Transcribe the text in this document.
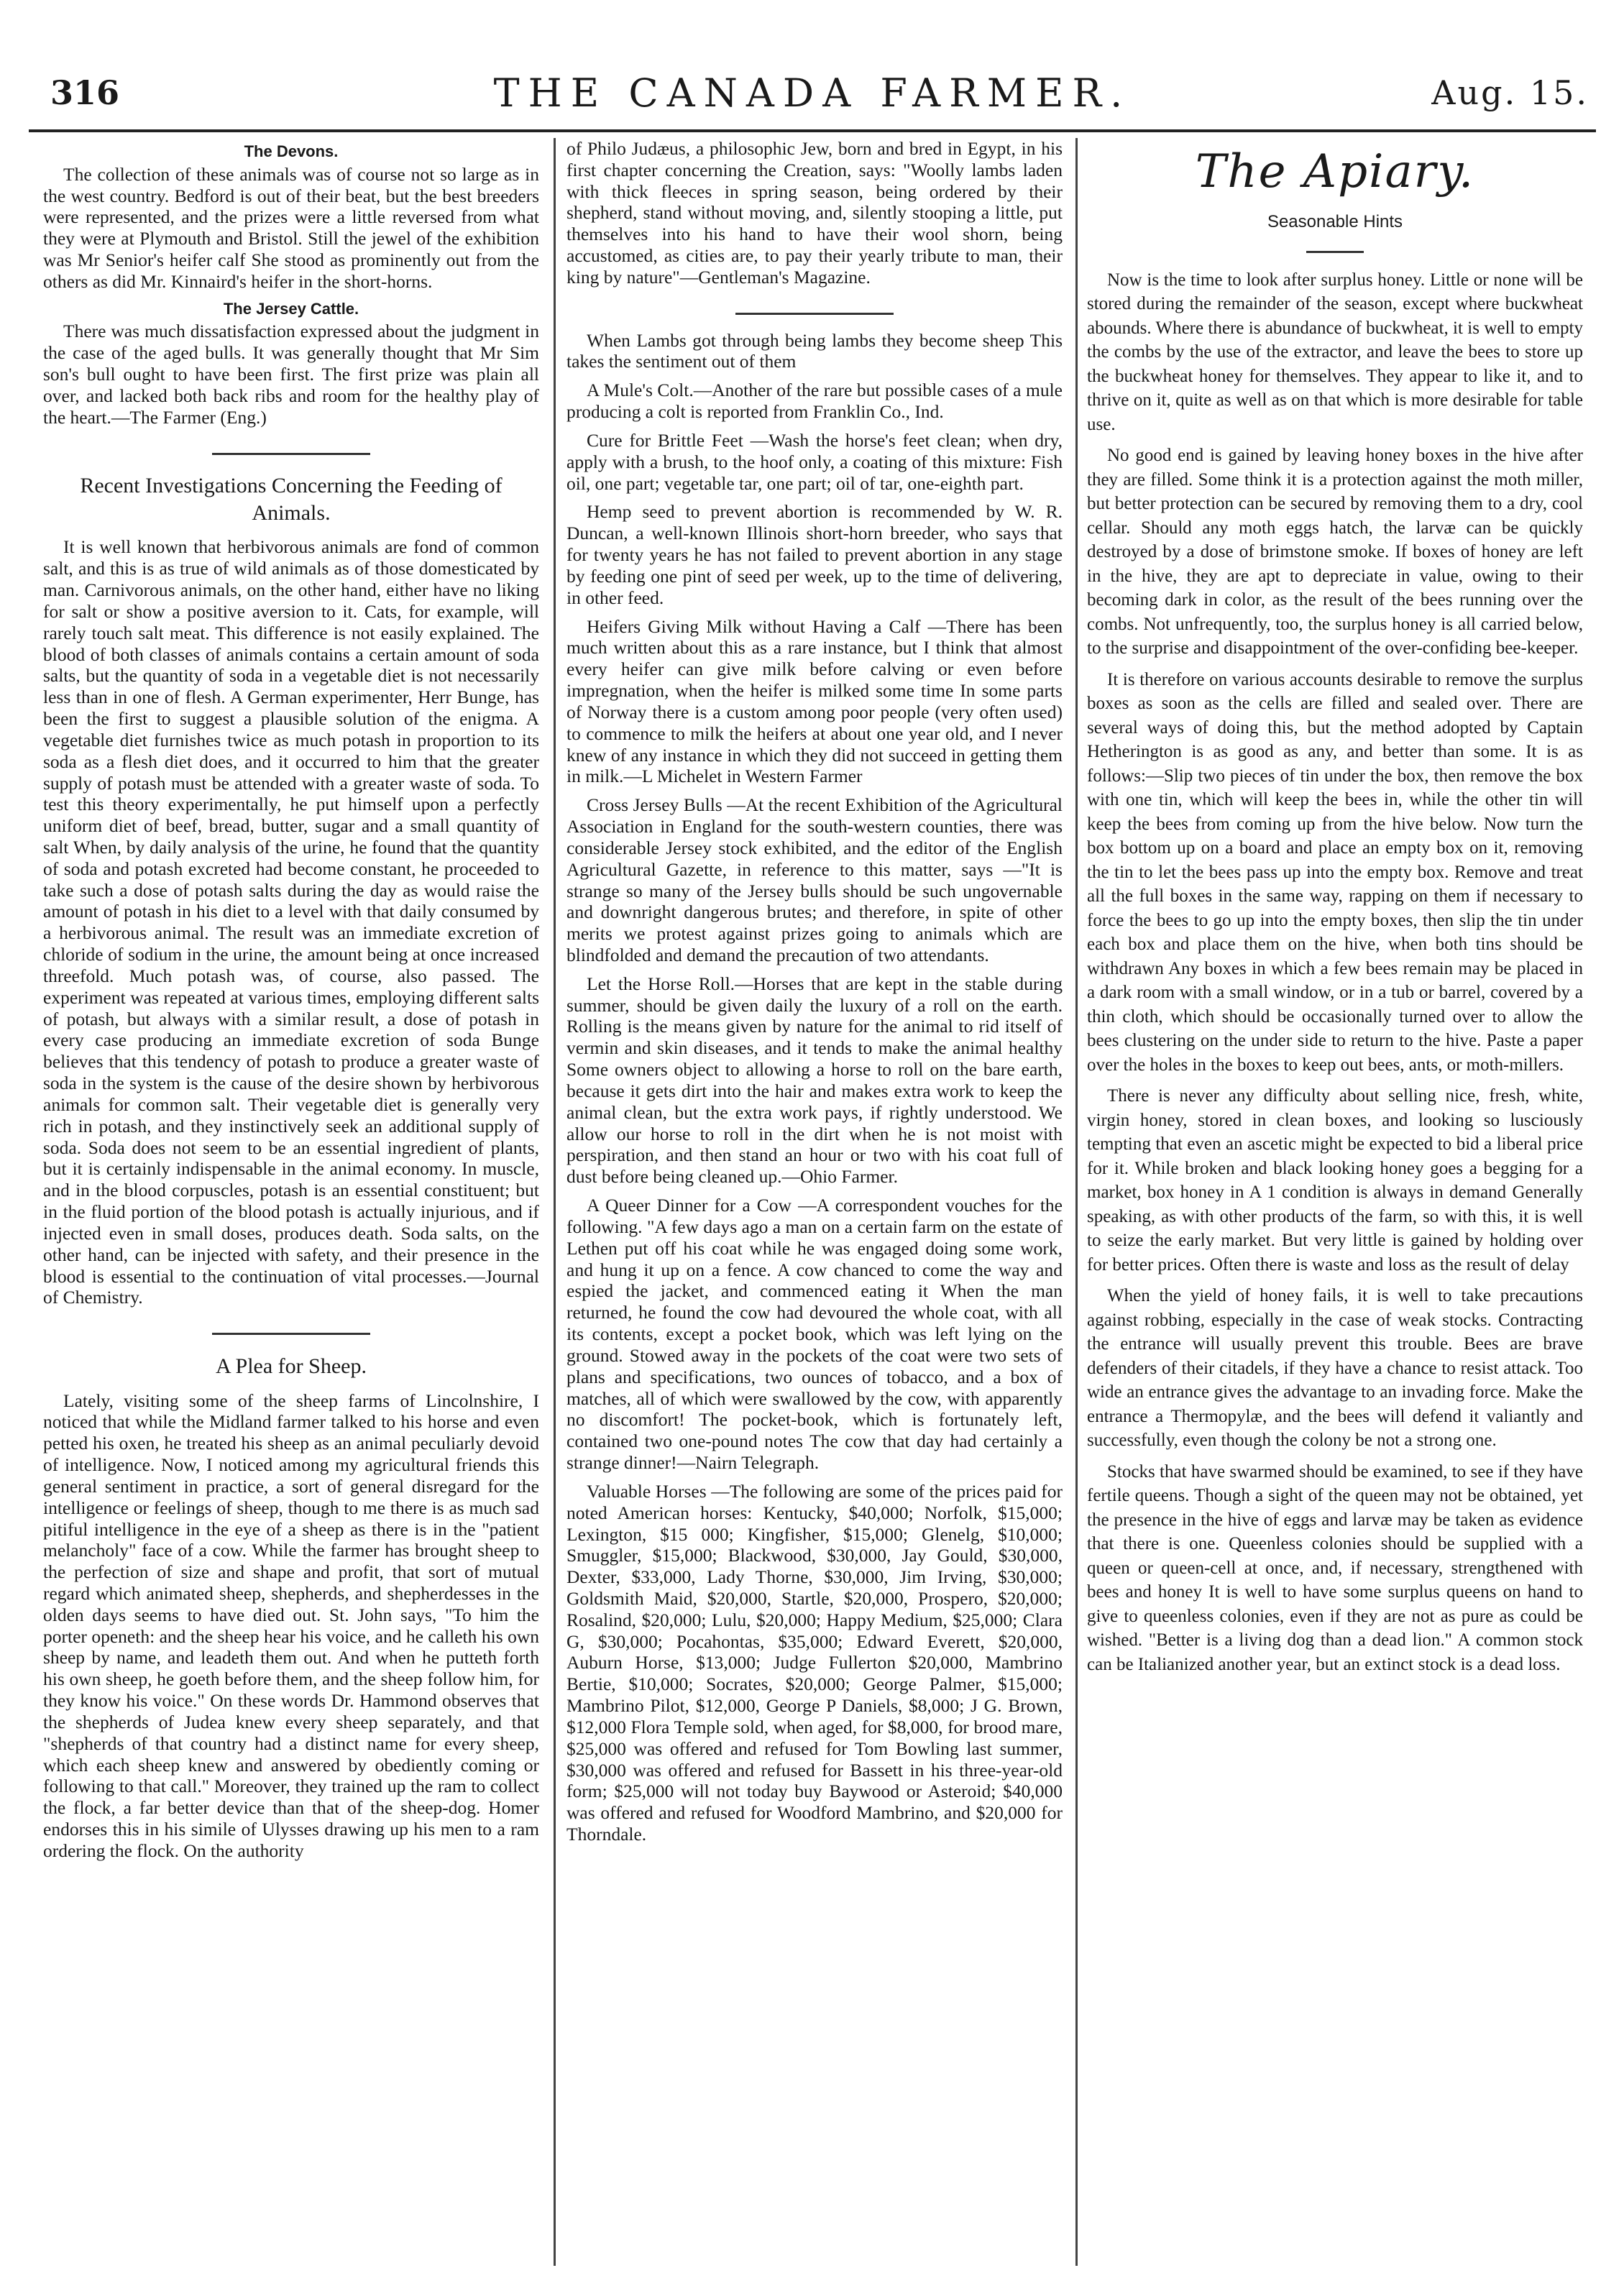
316	THE CANADA FARMER.	Aug. 15.
The Devons.

The collection of these animals was of course not so large as in the west country. Bedford is out of their beat, but the best breeders were represented, and the prizes were a little reversed from what they were at Plymouth and Bristol. Still the jewel of the exhibition was Mr Senior's heifer calf She stood as prominently out from the others as did Mr. Kinnaird's heifer in the short-horns.

The Jersey Cattle.

There was much dissatisfaction expressed about the judgment in the case of the aged bulls. It was generally thought that Mr Sim son's bull ought to have been first. The first prize was plain all over, and lacked both back ribs and room for the healthy play of the heart.—The Farmer (Eng.)

Recent Investigations Concerning the Feeding of Animals.

It is well known that herbivorous animals are fond of common salt, and this is as true of wild animals as of those domesticated by man. Carnivorous animals, on the other hand, either have no liking for salt or show a positive aversion to it. Cats, for example, will rarely touch salt meat. This difference is not easily explained. The blood of both classes of animals contains a certain amount of soda salts, but the quantity of soda in a vegetable diet is not necessarily less than in one of flesh. A German experimenter, Herr Bunge, has been the first to suggest a plausible solution of the enigma. A vegetable diet furnishes twice as much potash in proportion to its soda as a flesh diet does, and it occurred to him that the greater supply of potash must be attended with a greater waste of soda. To test this theory experimentally, he put himself upon a perfectly uniform diet of beef, bread, butter, sugar and a small quantity of salt When, by daily analysis of the urine, he found that the quantity of soda and potash excreted had become constant, he proceeded to take such a dose of potash salts during the day as would raise the amount of potash in his diet to a level with that daily consumed by a herbivorous animal. The result was an immediate excretion of chloride of sodium in the urine, the amount being at once increased threefold. Much potash was, of course, also passed. The experiment was repeated at various times, employing different salts of potash, but always with a similar result, a dose of potash in every case producing an immediate excretion of soda Bunge believes that this tendency of potash to produce a greater waste of soda in the system is the cause of the desire shown by herbivorous animals for common salt. Their vegetable diet is generally very rich in potash, and they instinctively seek an additional supply of soda. Soda does not seem to be an essential ingredient of plants, but it is certainly indispensable in the animal economy. In muscle, and in the blood corpuscles, potash is an essential constituent; but in the fluid portion of the blood potash is actually injurious, and if injected even in small doses, produces death. Soda salts, on the other hand, can be injected with safety, and their presence in the blood is essential to the continuation of vital processes.—Journal of Chemistry.

A Plea for Sheep.

Lately, visiting some of the sheep farms of Lincolnshire, I noticed that while the Midland farmer talked to his horse and even petted his oxen, he treated his sheep as an animal peculiarly devoid of intelligence. Now, I noticed among my agricultural friends this general sentiment in practice, a sort of general disregard for the intelligence or feelings of sheep, though to me there is as much sad pitiful intelligence in the eye of a sheep as there is in the "patient melancholy" face of a cow. While the farmer has brought sheep to the perfection of size and shape and profit, that sort of mutual regard which animated sheep, shepherds, and shepherdesses in the olden days seems to have died out. St. John says, "To him the porter openeth: and the sheep hear his voice, and he calleth his own sheep by name, and leadeth them out. And when he putteth forth his own sheep, he goeth before them, and the sheep follow him, for they know his voice." On these words Dr. Hammond observes that the shepherds of Judea knew every sheep separately, and that "shepherds of that country had a distinct name for every sheep, which each sheep knew and answered by obediently coming or following to that call." Moreover, they trained up the ram to collect the flock, a far better device than that of the sheep-dog. Homer endorses this in his simile of Ulysses drawing up his men to a ram ordering the flock. On the authority

of Philo Judæus, a philosophic Jew, born and bred in Egypt, in his first chapter concerning the Creation, says: "Woolly lambs laden with thick fleeces in spring season, being ordered by their shepherd, stand without moving, and, silently stooping a little, put themselves into his hand to have their wool shorn, being accustomed, as cities are, to pay their yearly tribute to man, their king by nature"—Gentleman's Magazine.

When Lambs got through being lambs they become sheep This takes the sentiment out of them

A Mule's Colt.—Another of the rare but possible cases of a mule producing a colt is reported from Franklin Co., Ind.

Cure for Brittle Feet —Wash the horse's feet clean; when dry, apply with a brush, to the hoof only, a coating of this mixture: Fish oil, one part; vegetable tar, one part; oil of tar, one-eighth part.

Hemp seed to prevent abortion is recommended by W. R. Duncan, a well-known Illinois short-horn breeder, who says that for twenty years he has not failed to prevent abortion in any stage by feeding one pint of seed per week, up to the time of delivering, in other feed.

Heifers Giving Milk without Having a Calf —There has been much written about this as a rare instance, but I think that almost every heifer can give milk before calving or even before impregnation, when the heifer is milked some time In some parts of Norway there is a custom among poor people (very often used) to commence to milk the heifers at about one year old, and I never knew of any instance in which they did not succeed in getting them in milk.—L Michelet in Western Farmer

Cross Jersey Bulls —At the recent Exhibition of the Agricultural Association in England for the south-western counties, there was considerable Jersey stock exhibited, and the editor of the English Agricultural Gazette, in reference to this matter, says —"It is strange so many of the Jersey bulls should be such ungovernable and downright dangerous brutes; and therefore, in spite of other merits we protest against prizes going to animals which are blindfolded and demand the precaution of two attendants.

Let the Horse Roll.—Horses that are kept in the stable during summer, should be given daily the luxury of a roll on the earth. Rolling is the means given by nature for the animal to rid itself of vermin and skin diseases, and it tends to make the animal healthy Some owners object to allowing a horse to roll on the bare earth, because it gets dirt into the hair and makes extra work to keep the animal clean, but the extra work pays, if rightly understood. We allow our horse to roll in the dirt when he is not moist with perspiration, and then stand an hour or two with his coat full of dust before being cleaned up.—Ohio Farmer.

A Queer Dinner for a Cow —A correspondent vouches for the following. "A few days ago a man on a certain farm on the estate of Lethen put off his coat while he was engaged doing some work, and hung it up on a fence. A cow chanced to come the way and espied the jacket, and commenced eating it When the man returned, he found the cow had devoured the whole coat, with all its contents, except a pocket book, which was left lying on the ground. Stowed away in the pockets of the coat were two sets of plans and specifications, two ounces of tobacco, and a box of matches, all of which were swallowed by the cow, with apparently no discomfort! The pocket-book, which is fortunately left, contained two one-pound notes The cow that day had certainly a strange dinner!—Nairn Telegraph.

Valuable Horses —The following are some of the prices paid for noted American horses: Kentucky, $40,000; Norfolk, $15,000; Lexington, $15 000; Kingfisher, $15,000; Glenelg, $10,000; Smuggler, $15,000; Blackwood, $30,000, Jay Gould, $30,000, Dexter, $33,000, Lady Thorne, $30,000, Jim Irving, $30,000; Goldsmith Maid, $20,000, Startle, $20,000, Prospero, $20,000; Rosalind, $20,000; Lulu, $20,000; Happy Medium, $25,000; Clara G, $30,000; Pocahontas, $35,000; Edward Everett, $20,000, Auburn Horse, $13,000; Judge Fullerton $20,000, Mambrino Bertie, $10,000; Socrates, $20,000; George Palmer, $15,000; Mambrino Pilot, $12,000, George P Daniels, $8,000; J G. Brown, $12,000 Flora Temple sold, when aged, for $8,000, for brood mare, $25,000 was offered and refused for Tom Bowling last summer, $30,000 was offered and refused for Bassett in his three-year-old form; $25,000 will not today buy Baywood or Asteroid; $40,000 was offered and refused for Woodford Mambrino, and $20,000 for Thorndale.

The Apiary.
Seasonable Hints

Now is the time to look after surplus honey. Little or none will be stored during the remainder of the season, except where buckwheat abounds. Where there is abundance of buckwheat, it is well to empty the combs by the use of the extractor, and leave the bees to store up the buckwheat honey for themselves. They appear to like it, and to thrive on it, quite as well as on that which is more desirable for table use.

No good end is gained by leaving honey boxes in the hive after they are filled. Some think it is a protection against the moth miller, but better protection can be secured by removing them to a dry, cool cellar. Should any moth eggs hatch, the larvæ can be quickly destroyed by a dose of brimstone smoke. If boxes of honey are left in the hive, they are apt to depreciate in value, owing to their becoming dark in color, as the result of the bees running over the combs. Not unfrequently, too, the surplus honey is all carried below, to the surprise and disappointment of the over-confiding bee-keeper.

It is therefore on various accounts desirable to remove the surplus boxes as soon as the cells are filled and sealed over. There are several ways of doing this, but the method adopted by Captain Hetherington is as good as any, and better than some. It is as follows:—Slip two pieces of tin under the box, then remove the box with one tin, which will keep the bees in, while the other tin will keep the bees from coming up from the hive below. Now turn the box bottom up on a board and place an empty box on it, removing the tin to let the bees pass up into the empty box. Remove and treat all the full boxes in the same way, rapping on them if necessary to force the bees to go up into the empty boxes, then slip the tin under each box and place them on the hive, when both tins should be withdrawn Any boxes in which a few bees remain may be placed in a dark room with a small window, or in a tub or barrel, covered by a thin cloth, which should be occasionally turned over to allow the bees clustering on the under side to return to the hive. Paste a paper over the holes in the boxes to keep out bees, ants, or moth-millers.

There is never any difficulty about selling nice, fresh, white, virgin honey, stored in clean boxes, and looking so lusciously tempting that even an ascetic might be expected to bid a liberal price for it. While broken and black looking honey goes a begging for a market, box honey in A 1 condition is always in demand Generally speaking, as with other products of the farm, so with this, it is well to seize the early market. But very little is gained by holding over for better prices. Often there is waste and loss as the result of delay

When the yield of honey fails, it is well to take precautions against robbing, especially in the case of weak stocks. Contracting the entrance will usually prevent this trouble. Bees are brave defenders of their citadels, if they have a chance to resist attack. Too wide an entrance gives the advantage to an invading force. Make the entrance a Thermopylæ, and the bees will defend it valiantly and successfully, even though the colony be not a strong one.

Stocks that have swarmed should be examined, to see if they have fertile queens. Though a sight of the queen may not be obtained, yet the presence in the hive of eggs and larvæ may be taken as evidence that there is one. Queenless colonies should be supplied with a queen or queen-cell at once, and, if necessary, strengthened with bees and honey It is well to have some surplus queens on hand to give to queenless colonies, even if they are not as pure as could be wished. "Better is a living dog than a dead lion." A common stock can be Italianized another year, but an extinct stock is a dead loss.
